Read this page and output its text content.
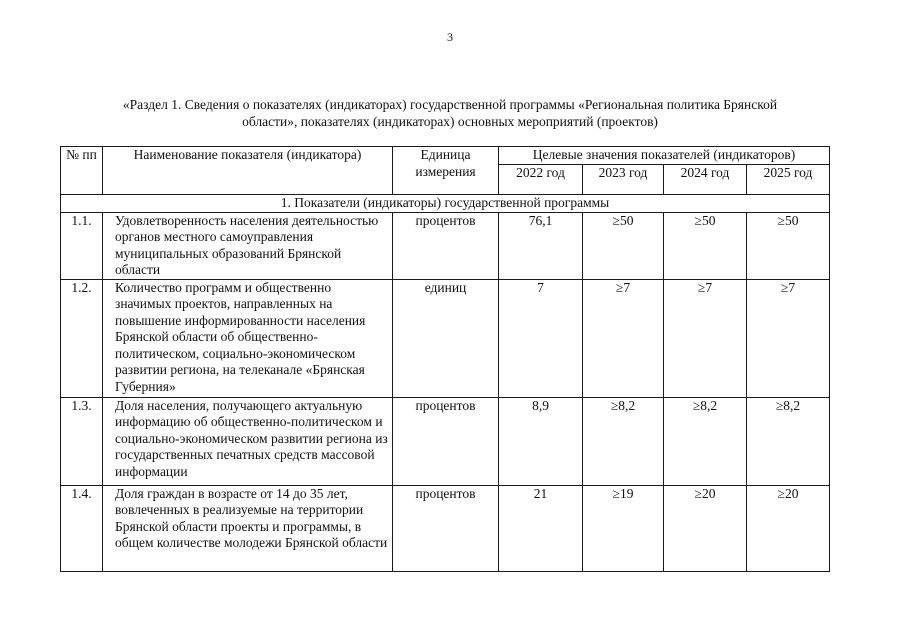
3
«Раздел 1. Сведения о показателях (индикаторах) государственной программы «Региональная политика Брянской
области», показателях (индикаторах) основных мероприятий (проектов)
№ пп	Наименование показателя (индикатора)	Единица измерения	Целевые значения показателей (индикаторов)			
			2022 год	2023 год	2024 год	2025 год
1. Показатели (индикаторы) государственной программы						
1.1.	Удовлетворенность населения деятельностью органов местного самоуправления муниципальных образований Брянской области	процентов	76,1	≥50	≥50	≥50
1.2.	Количество программ и общественно значимых проектов, направленных на повышение информированности населения Брянской области об общественно-политическом, социально-экономическом развитии региона, на телеканале «Брянская Губерния»	единиц	7	≥7	≥7	≥7
1.3.	Доля населения, получающего актуальную информацию об общественно-политическом и социально-экономическом развитии региона из государственных печатных средств массовой информации	процентов	8,9	≥8,2	≥8,2	≥8,2
1.4.	Доля граждан в возрасте от 14 до 35 лет, вовлеченных в реализуемые на территории Брянской области проекты и программы, в общем количестве молодежи Брянской области	процентов	21	≥19	≥20	≥20
